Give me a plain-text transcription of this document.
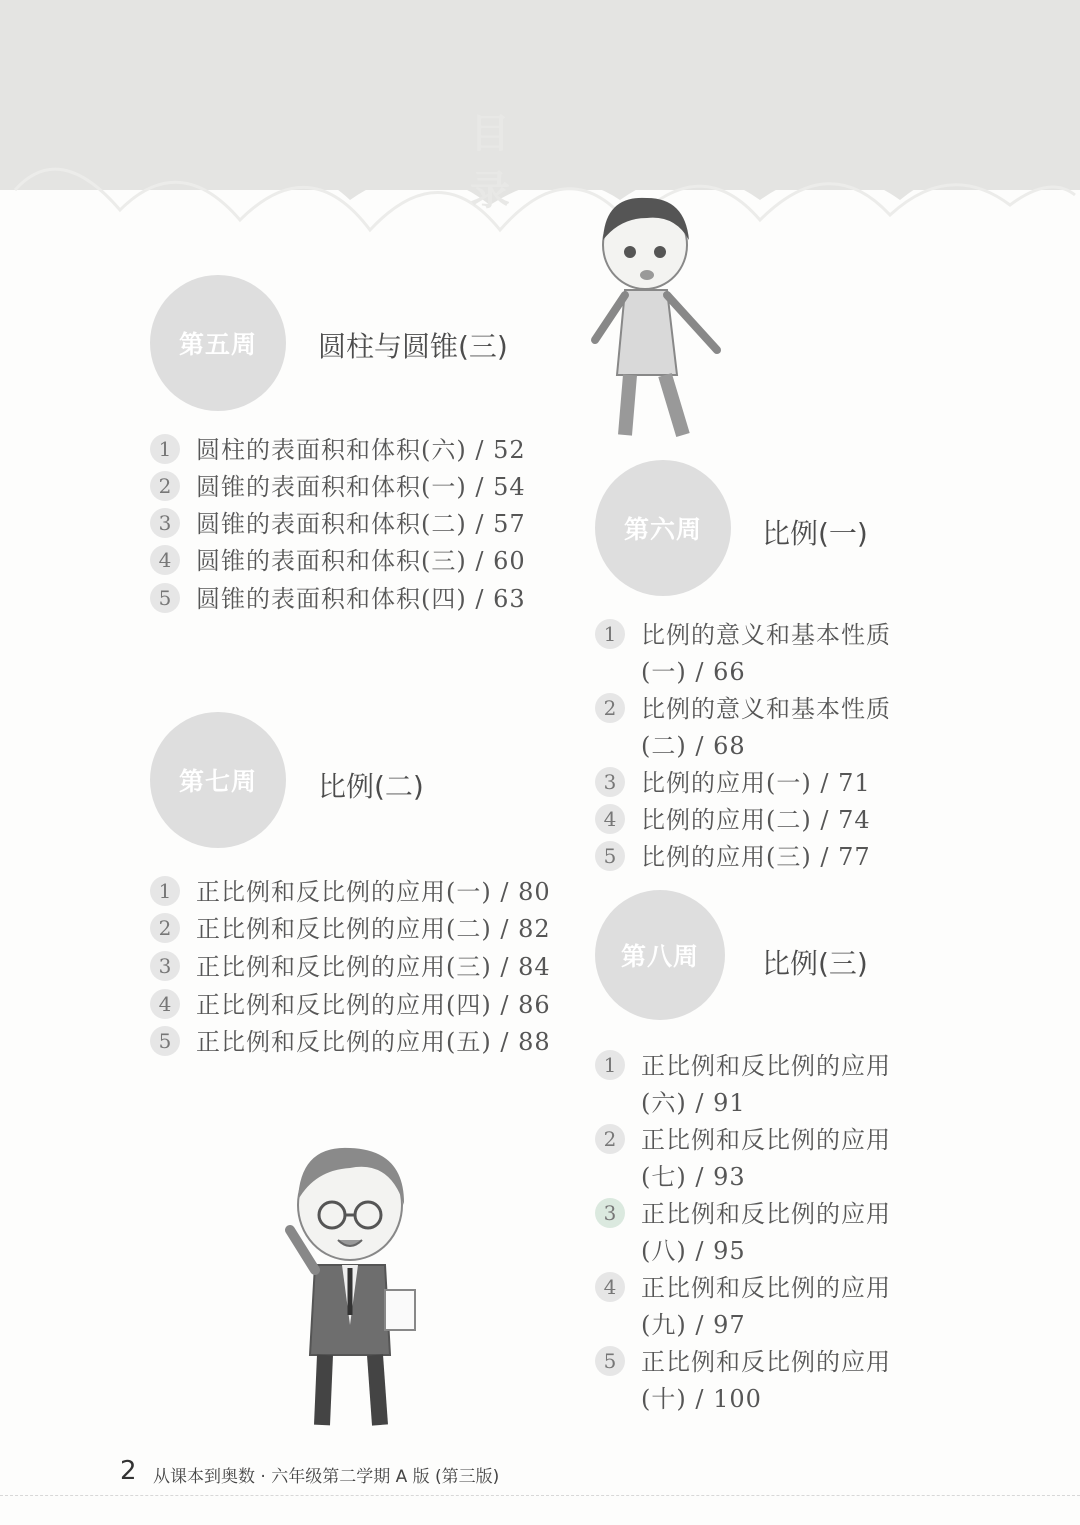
目录
第五周 圆柱与圆锥(三)
1	圆柱的表面积和体积(六) / 52
2	圆锥的表面积和体积(一) / 54
3	圆锥的表面积和体积(二) / 57
4	圆锥的表面积和体积(三) / 60
5	圆锥的表面积和体积(四) / 63
第七周 比例(二)
1	正比例和反比例的应用(一) / 80
2	正比例和反比例的应用(二) / 82
3	正比例和反比例的应用(三) / 84
4	正比例和反比例的应用(四) / 86
5	正比例和反比例的应用(五) / 88
第六周 比例(一)
1	比例的意义和基本性质
(一) / 66
2	比例的意义和基本性质
(二) / 68
3	比例的应用(一) / 71
4	比例的应用(二) / 74
5	比例的应用(三) / 77
第八周 比例(三)
1	正比例和反比例的应用
(六) / 91
2	正比例和反比例的应用
(七) / 93
3	正比例和反比例的应用
(八) / 95
4	正比例和反比例的应用
(九) / 97
5	正比例和反比例的应用
(十) / 100
2 从课本到奥数 · 六年级第二学期 A 版 (第三版)
